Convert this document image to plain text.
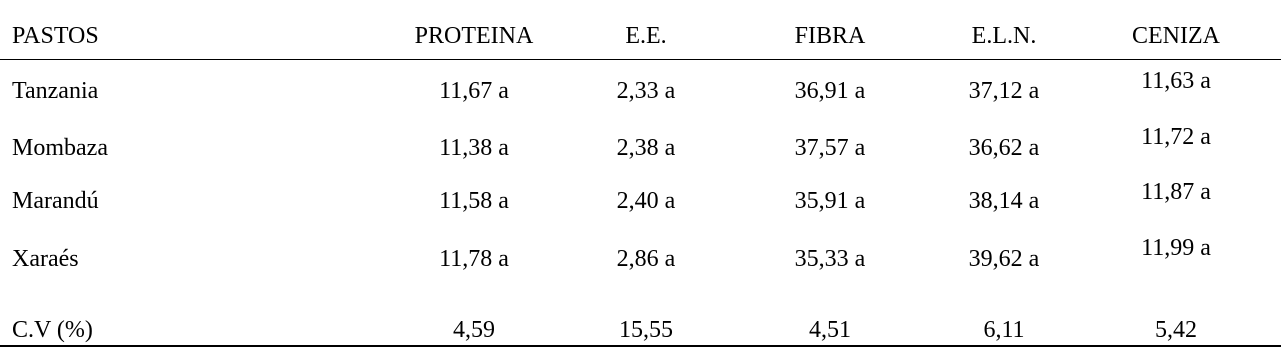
PASTOS	PROTEINA	E.E.	FIBRA	E.L.N.	CENIZA
Tanzania	11,67 a	2,33 a	36,91 a	37,12 a	11,63 a
Mombaza	11,38 a	2,38 a	37,57 a	36,62 a	11,72 a
Marandú	11,58 a	2,40 a	35,91 a	38,14 a	11,87 a
Xaraés	11,78 a	2,86 a	35,33 a	39,62 a	11,99 a
C.V (%)	4,59	15,55	4,51	6,11	5,42
